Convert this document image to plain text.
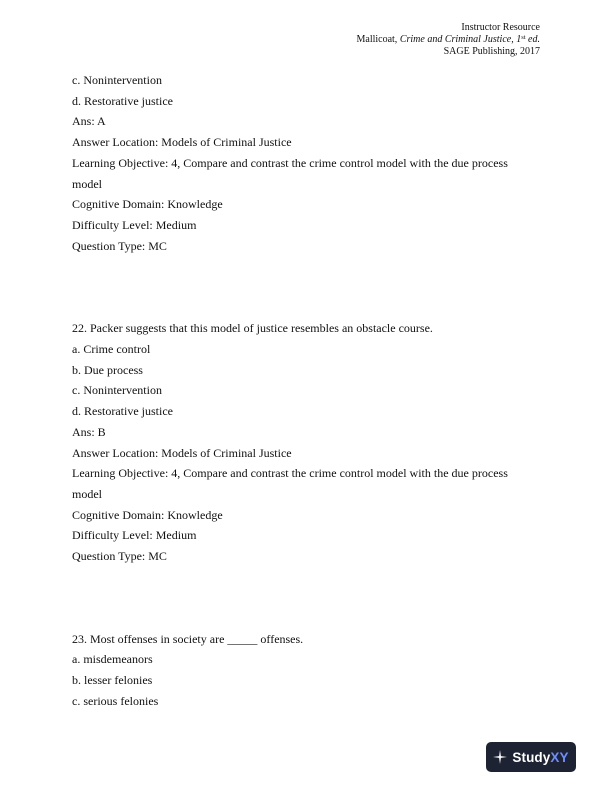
Instructor Resource
Mallicoat, Crime and Criminal Justice, 1st ed.
SAGE Publishing, 2017
c. Nonintervention
d. Restorative justice
Ans: A
Answer Location: Models of Criminal Justice
Learning Objective: 4, Compare and contrast the crime control model with the due process
model
Cognitive Domain: Knowledge
Difficulty Level: Medium
Question Type: MC
22. Packer suggests that this model of justice resembles an obstacle course.
a. Crime control
b. Due process
c. Nonintervention
d. Restorative justice
Ans: B
Answer Location: Models of Criminal Justice
Learning Objective: 4, Compare and contrast the crime control model with the due process
model
Cognitive Domain: Knowledge
Difficulty Level: Medium
Question Type: MC
23. Most offenses in society are _____ offenses.
a. misdemeanors
b. lesser felonies
c. serious felonies
StudyXY
